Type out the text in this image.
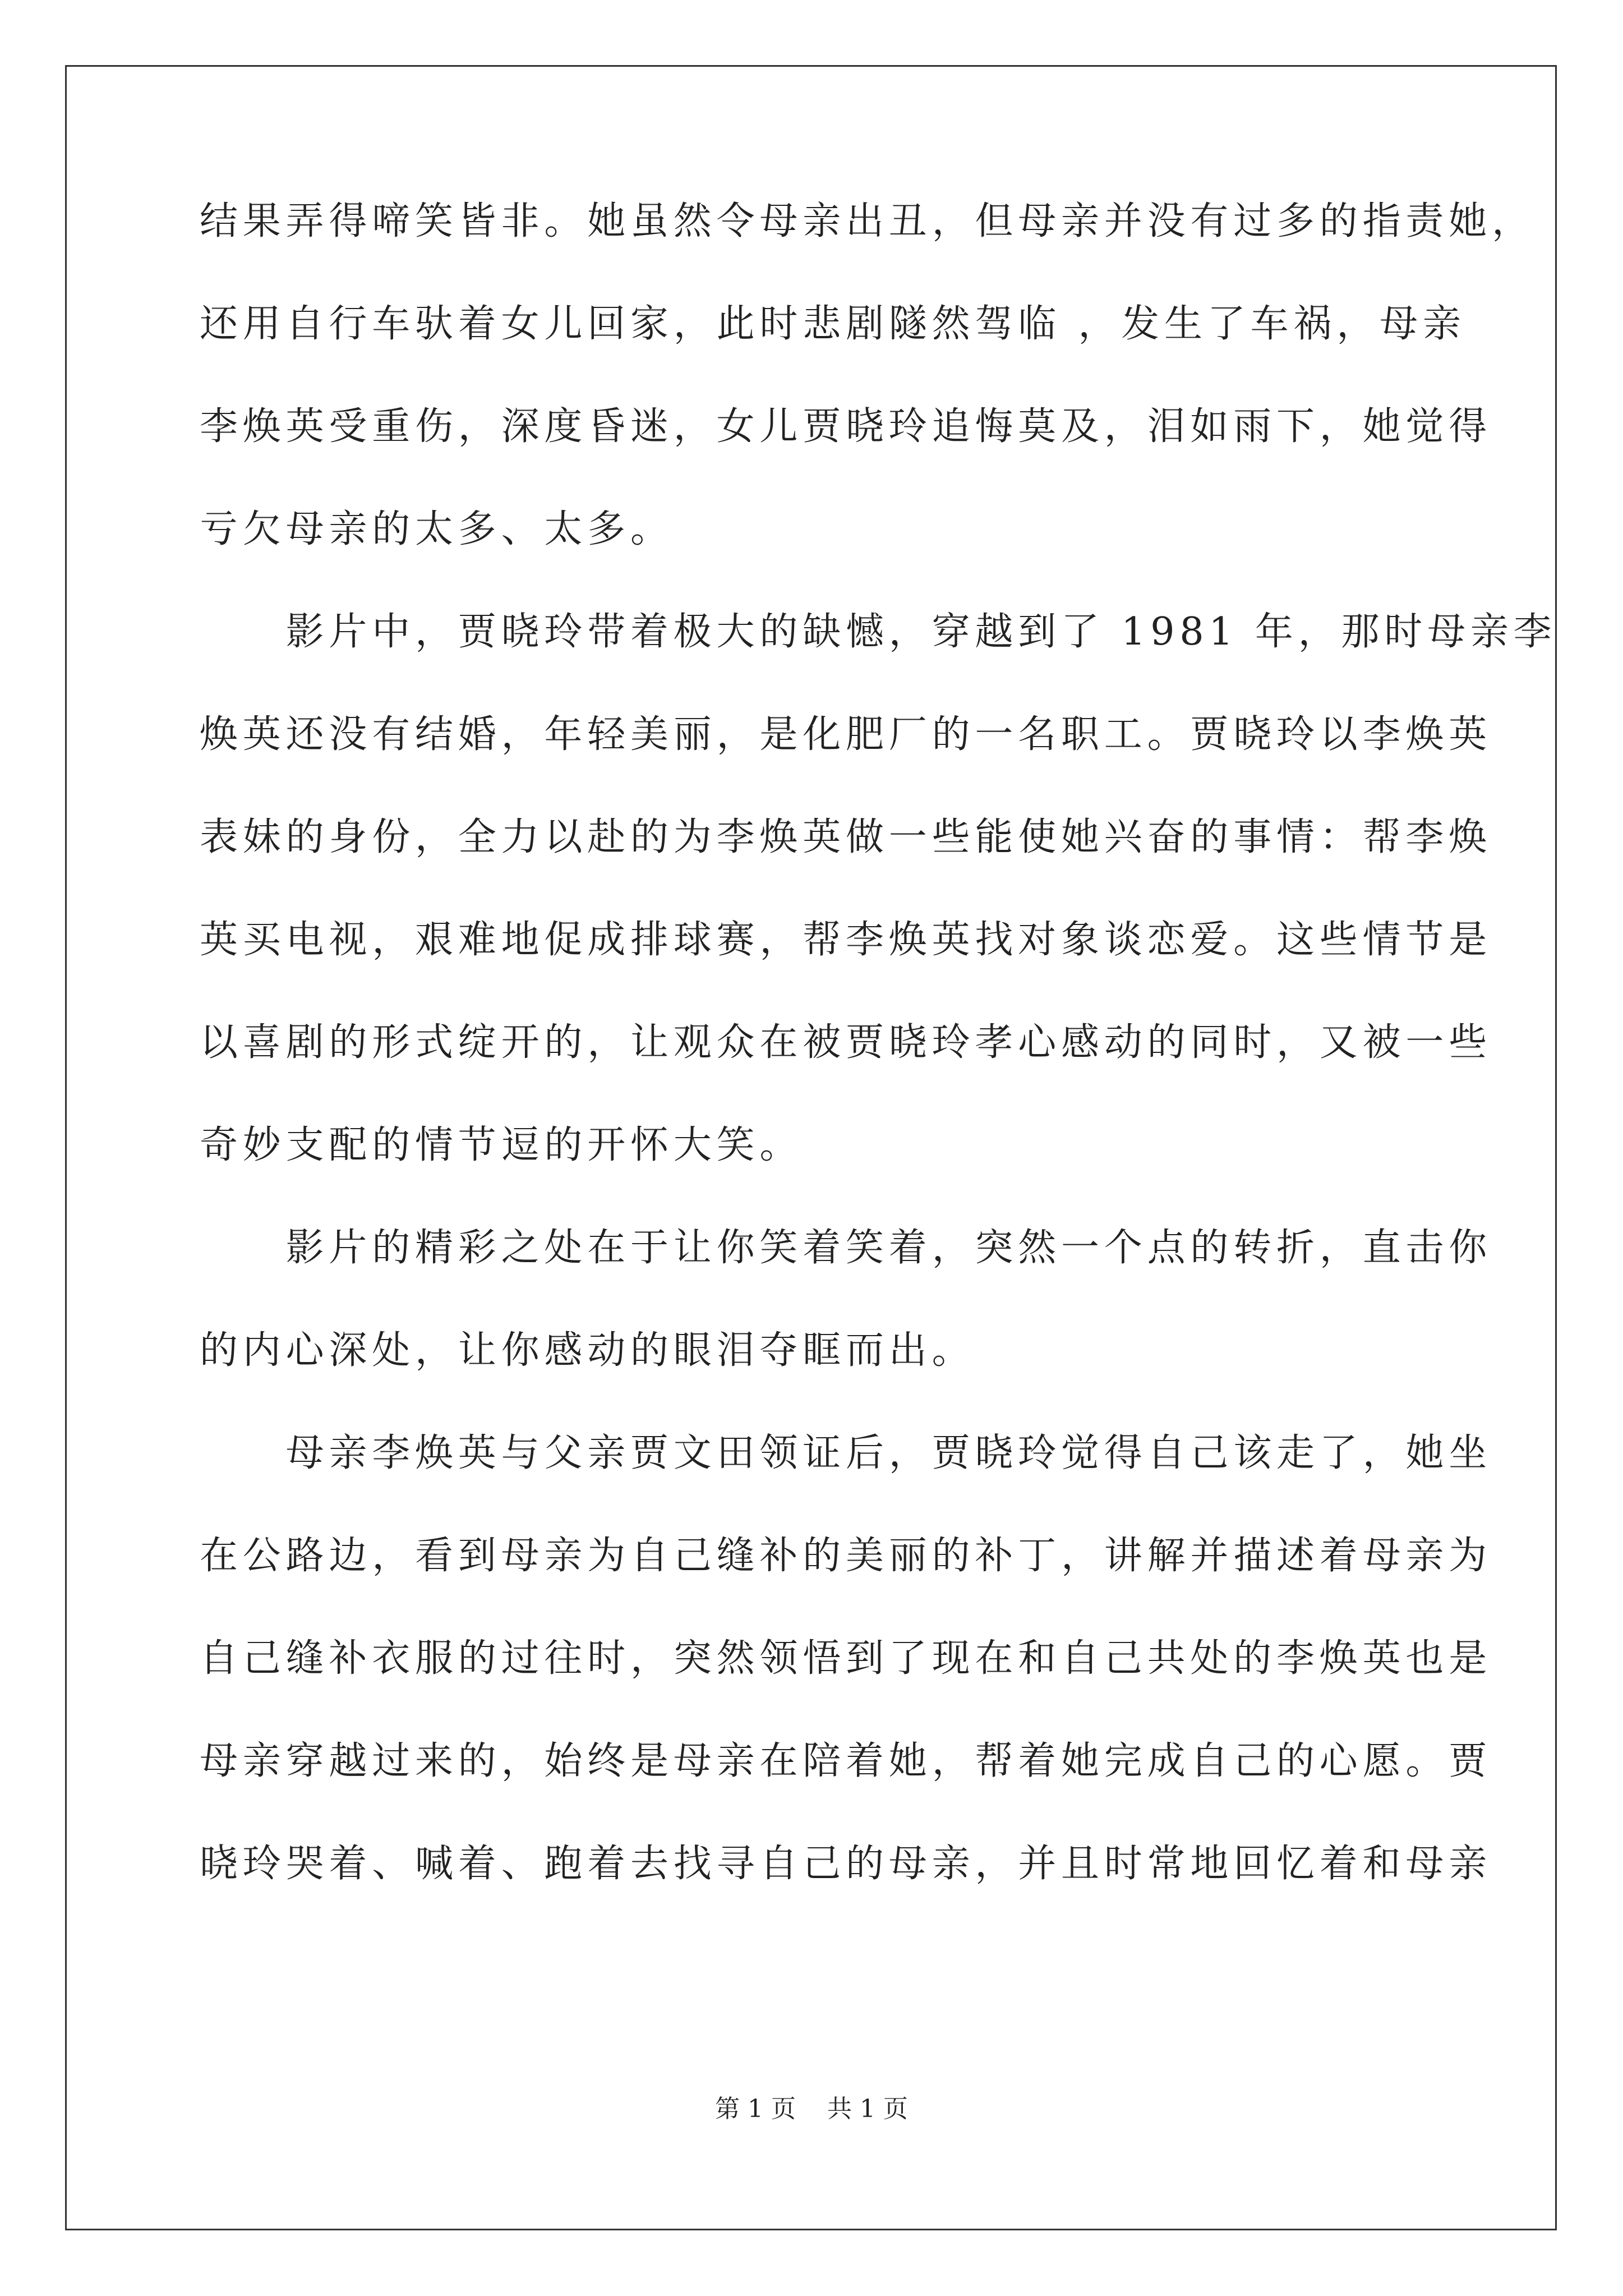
结果弄得啼笑皆非。她虽然令母亲出丑，但母亲并没有过多的指责她，
还用自行车驮着女儿回家，此时悲剧隧然驾临 ，发生了车祸，母亲
李焕英受重伤，深度昏迷，女儿贾晓玲追悔莫及，泪如雨下，她觉得
亏欠母亲的太多、太多。
　　影片中，贾晓玲带着极大的缺憾，穿越到了 1981 年，那时母亲李
焕英还没有结婚，年轻美丽，是化肥厂的一名职工。贾晓玲以李焕英
表妹的身份，全力以赴的为李焕英做一些能使她兴奋的事情：帮李焕
英买电视，艰难地促成排球赛，帮李焕英找对象谈恋爱。这些情节是
以喜剧的形式绽开的，让观众在被贾晓玲孝心感动的同时，又被一些
奇妙支配的情节逗的开怀大笑。
　　影片的精彩之处在于让你笑着笑着，突然一个点的转折，直击你
的内心深处，让你感动的眼泪夺眶而出。
　　母亲李焕英与父亲贾文田领证后，贾晓玲觉得自己该走了，她坐
在公路边，看到母亲为自己缝补的美丽的补丁，讲解并描述着母亲为
自己缝补衣服的过往时，突然领悟到了现在和自己共处的李焕英也是
母亲穿越过来的，始终是母亲在陪着她，帮着她完成自己的心愿。贾
晓玲哭着、喊着、跑着去找寻自己的母亲，并且时常地回忆着和母亲
第 1 页 共 1 页
